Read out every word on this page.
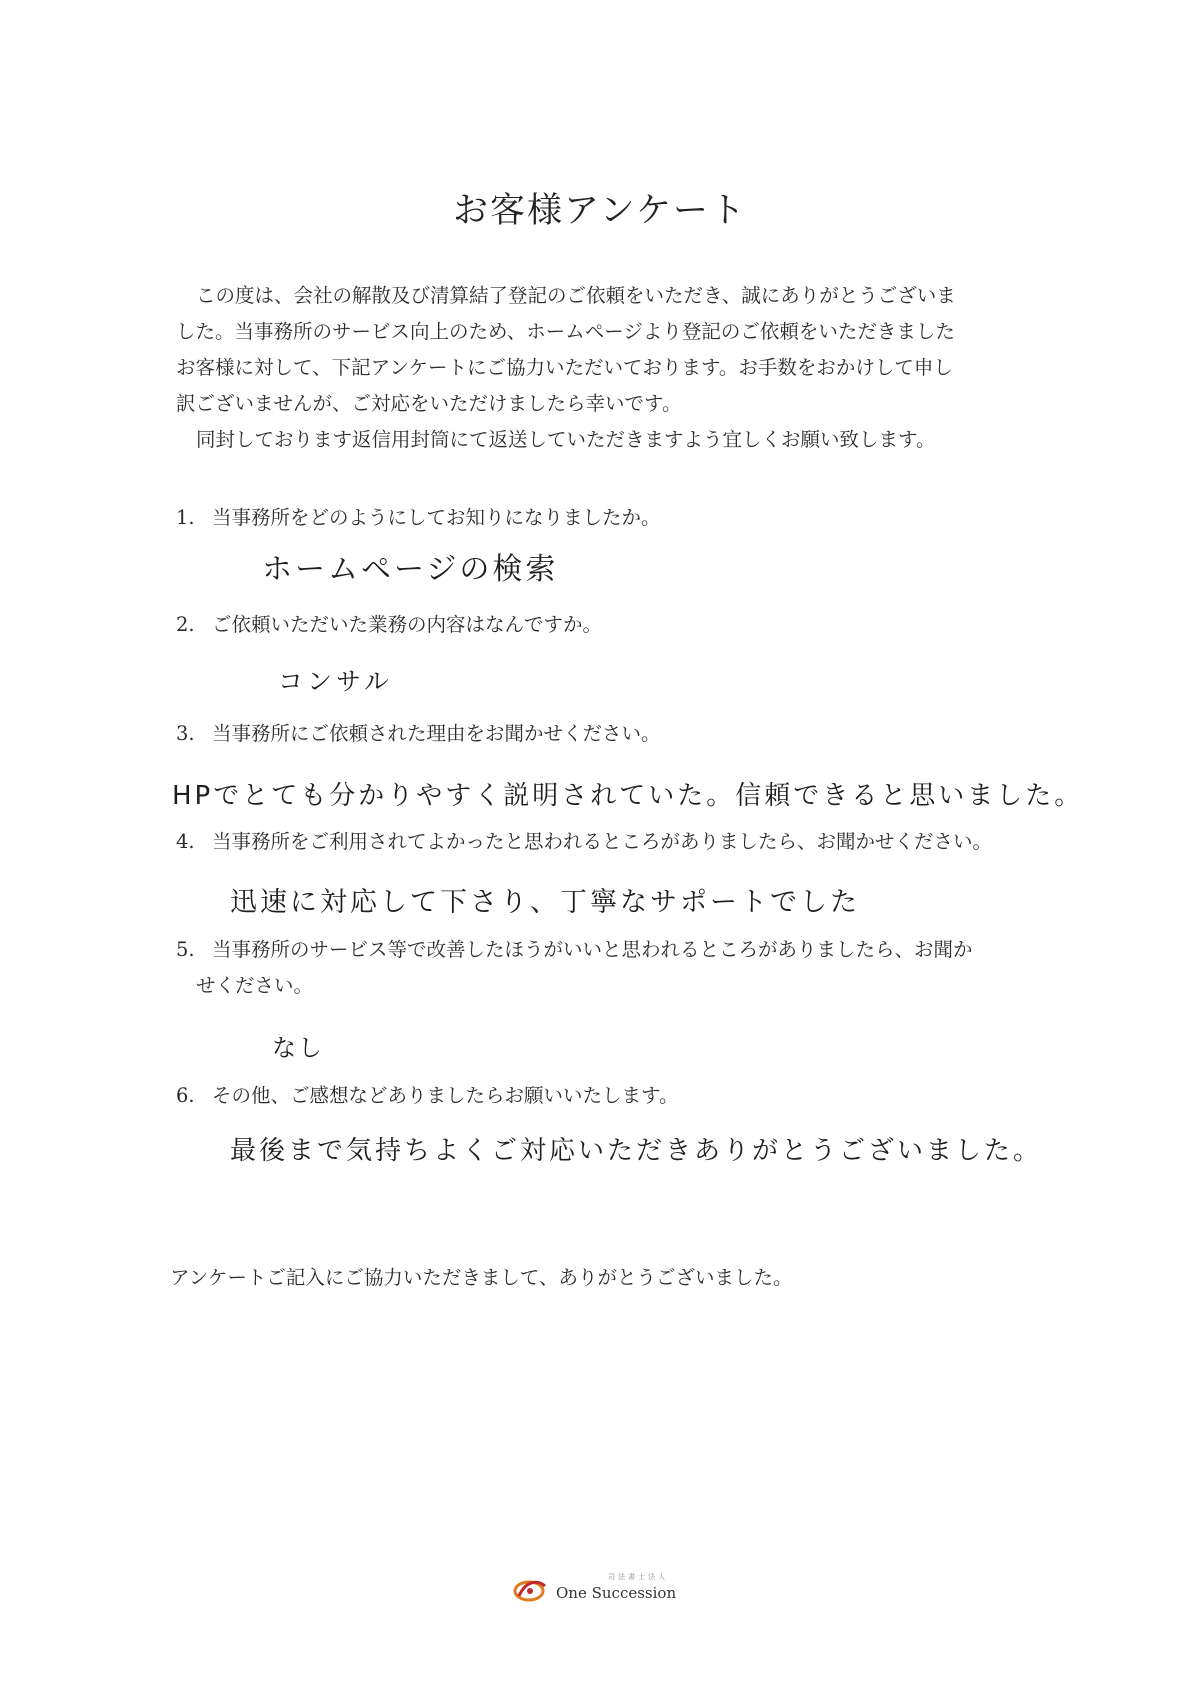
お客様アンケート
この度は、会社の解散及び清算結了登記のご依頼をいただき、誠にありがとうございま
した。当事務所のサービス向上のため、ホームページより登記のご依頼をいただきました
お客様に対して、下記アンケートにご協力いただいております。お手数をおかけして申し
訳ございませんが、ご対応をいただけましたら幸いです。
同封しております返信用封筒にて返送していただきますよう宜しくお願い致します。
1. 当事務所をどのようにしてお知りになりましたか。
ホームページの検索
2. ご依頼いただいた業務の内容はなんですか。
コンサル
3. 当事務所にご依頼された理由をお聞かせください。
HPでとても分かりやすく説明されていた。信頼できると思いました。
4. 当事務所をご利用されてよかったと思われるところがありましたら、お聞かせください。
迅速に対応して下さり、丁寧なサポートでした
5. 当事務所のサービス等で改善したほうがいいと思われるところがありましたら、お聞か
せください。
なし
6. その他、ご感想などありましたらお願いいたします。
最後まで気持ちよくご対応いただきありがとうございました。
アンケートご記入にご協力いただきまして、ありがとうございました。
司法書士法人
One Succession
